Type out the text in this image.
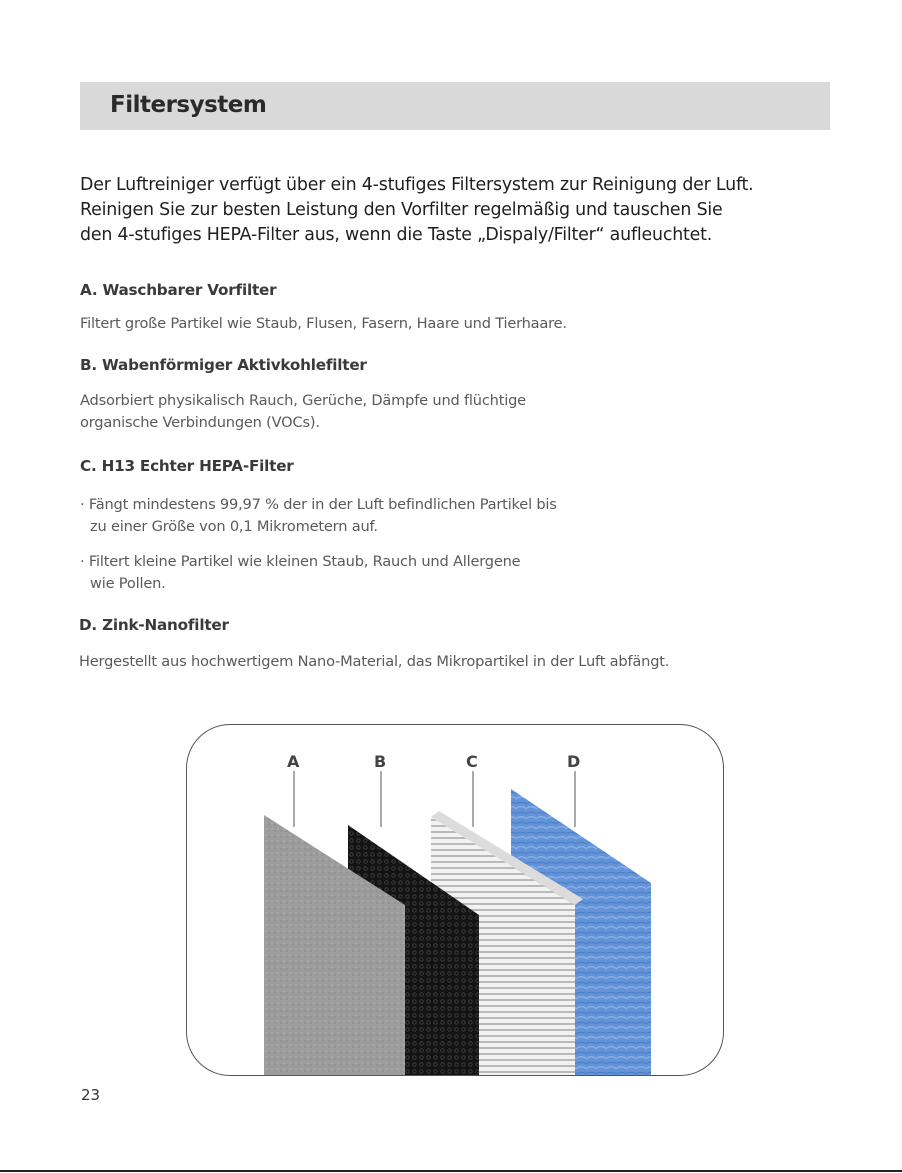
Filtersystem

Der Luftreiniger verfügt über ein 4-stufiges Filtersystem zur Reinigung der Luft.

Reinigen Sie zur besten Leistung den Vorfilter regelmäßig und tauschen Sie

den 4-stufiges HEPA-Filter aus, wenn die Taste „Dispaly/Filter“ aufleuchtet.

A. Waschbarer Vorfilter

Filtert große Partikel wie Staub, Flusen, Fasern, Haare und Tierhaare.

B. Wabenförmiger Aktivkohlefilter

Adsorbiert physikalisch Rauch, Gerüche, Dämpfe und flüchtige

organische Verbindungen (VOCs).

C. H13 Echter HEPA-Filter

· Fängt mindestens 99,97 % der in der Luft befindlichen Partikel bis

zu einer Größe von 0,1 Mikrometern auf.

· Filtert kleine Partikel wie kleinen Staub, Rauch und Allergene

wie Pollen.

D. Zink-Nanofilter

Hergestellt aus hochwertigem Nano-Material, das Mikropartikel in der Luft abfängt.

A	B	C	D
23
